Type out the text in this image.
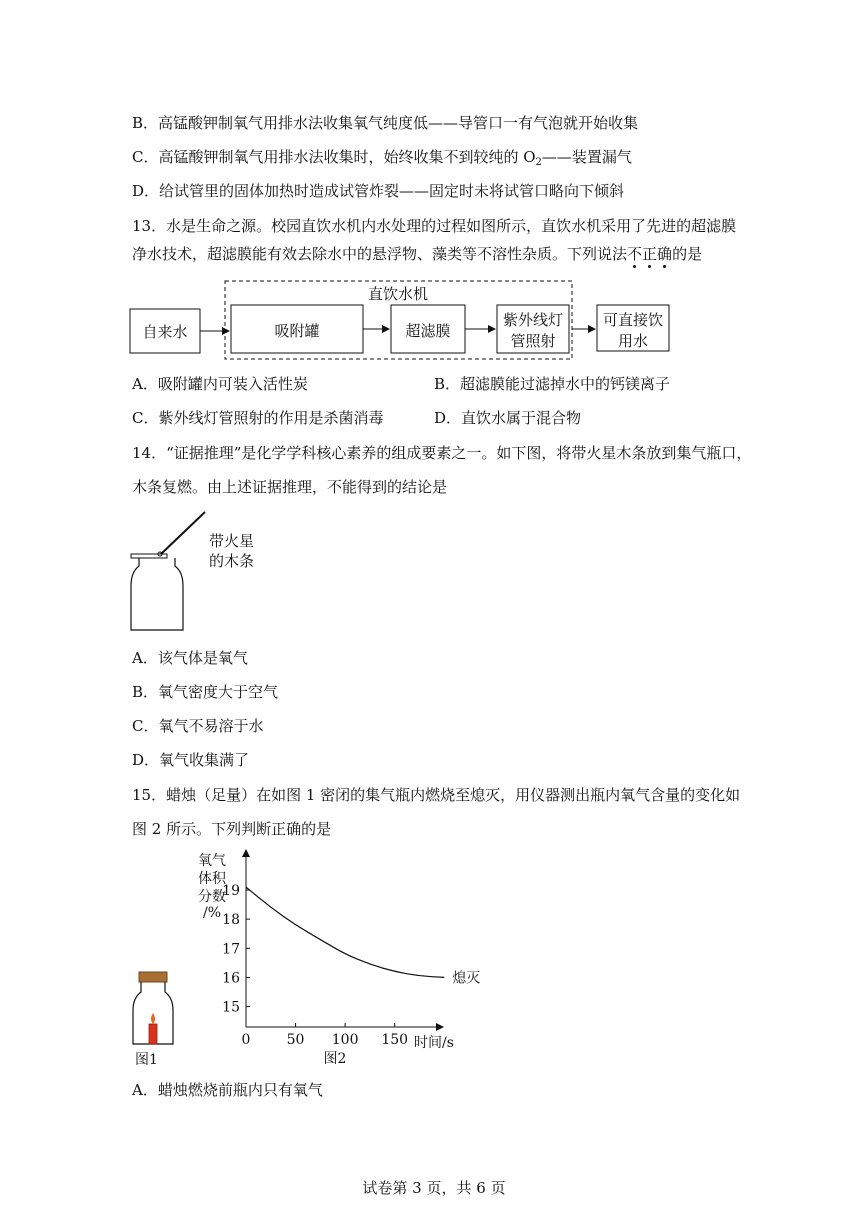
B．高锰酸钾制氧气用排水法收集氧气纯度低——导管口一有气泡就开始收集
C．高锰酸钾制氧气用排水法收集时，始终收集不到较纯的 $O_2——$装置漏气
D．给试管里的固体加热时造成试管炸裂——固定时未将试管口略向下倾斜
13．水是生命之源。校园直饮水机内水处理的过程如图所示，直饮水机采用了先进的超滤膜
净水技术，超滤膜能有效去除水中的悬浮物、藻类等不溶性杂质。下列说法不正确的是
直饮水机
自来水	吸附罐	超滤膜
紫外线灯
管照射
可直接饮
用水
A．吸附罐内可装入活性炭	B．超滤膜能过滤掉水中的钙镁离子
C．紫外线灯管照射的作用是杀菌消毒	D．直饮水属于混合物
14．“证据推理”是化学学科核心素养的组成要素之一。如下图，将带火星木条放到集气瓶口，
木条复燃。由上述证据推理，不能得到的结论是
带火星
的木条
A．该气体是氧气
B．氧气密度大于空气
C．氧气不易溶于水
D．氧气收集满了
15．蜡烛（足量）在如图 1 密闭的集气瓶内燃烧至熄灭，用仪器测出瓶内氧气含量的变化如
图 2 所示。下列判断正确的是
图1
氧气
体积
分数
/%
15
16
17
18
19
0	50 100 150
熄灭
时间/s
图2
A．蜡烛燃烧前瓶内只有氧气
试卷第 3 页，共 6 页
